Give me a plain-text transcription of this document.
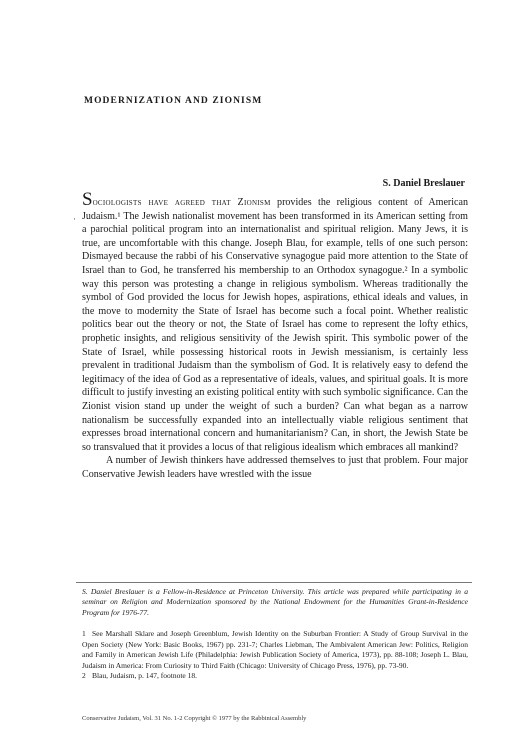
MODERNIZATION AND ZIONISM
S. Daniel Breslauer
·

Sociologists have agreed that Zionism provides the religious content of American Judaism.¹ The Jewish nationalist movement has been transformed in its American setting from a parochial political program into an internationalist and spiritual religion. Many Jews, it is true, are uncomfortable with this change. Joseph Blau, for example, tells of one such person: Dismayed because the rabbi of his Conservative synagogue paid more attention to the State of Israel than to God, he transferred his membership to an Orthodox synagogue.² In a symbolic way this person was protesting a change in religious symbolism. Whereas traditionally the symbol of God provided the locus for Jewish hopes, aspirations, ethical ideals and values, in the move to modernity the State of Israel has become such a focal point. Whether realistic politics bear out the theory or not, the State of Israel has come to represent the lofty ethics, prophetic insights, and religious sensitivity of the Jewish spirit. This symbolic power of the State of Israel, while possessing historical roots in Jewish messianism, is certainly less prevalent in traditional Judaism than the symbolism of God. It is relatively easy to defend the legitimacy of the idea of God as a representative of ideals, values, and spiritual goals. It is more difficult to justify investing an existing political entity with such symbolic significance. Can the Zionist vision stand up under the weight of such a burden? Can what began as a narrow nationalism be successfully expanded into an intellectually viable religious sentiment that expresses broad international concern and humanitarianism? Can, in short, the Jewish State be so transvalued that it provides a locus of that religious idealism which embraces all mankind?

A number of Jewish thinkers have addressed themselves to just that problem. Four major Conservative Jewish leaders have wrestled with the issue

S. Daniel Breslauer is a Fellow-in-Residence at Princeton University. This article was prepared while participating in a seminar on Religion and Modernization sponsored by the National Endowment for the Humanities Grant-in-Residence Program for 1976-77.

1 See Marshall Sklare and Joseph Greenblum, Jewish Identity on the Suburban Frontier: A Study of Group Survival in the Open Society (New York: Basic Books, 1967) pp. 231-7; Charles Liebman, The Ambivalent American Jew: Politics, Religion and Family in American Jewish Life (Philadelphia: Jewish Publication Society of America, 1973), pp. 88-108; Joseph L. Blau, Judaism in America: From Curiosity to Third Faith (Chicago: University of Chicago Press, 1976), pp. 73-90.

2 Blau, Judaism, p. 147, footnote 18.

Conservative Judaism, Vol. 31 No. 1-2 Copyright © 1977 by the Rabbinical Assembly
